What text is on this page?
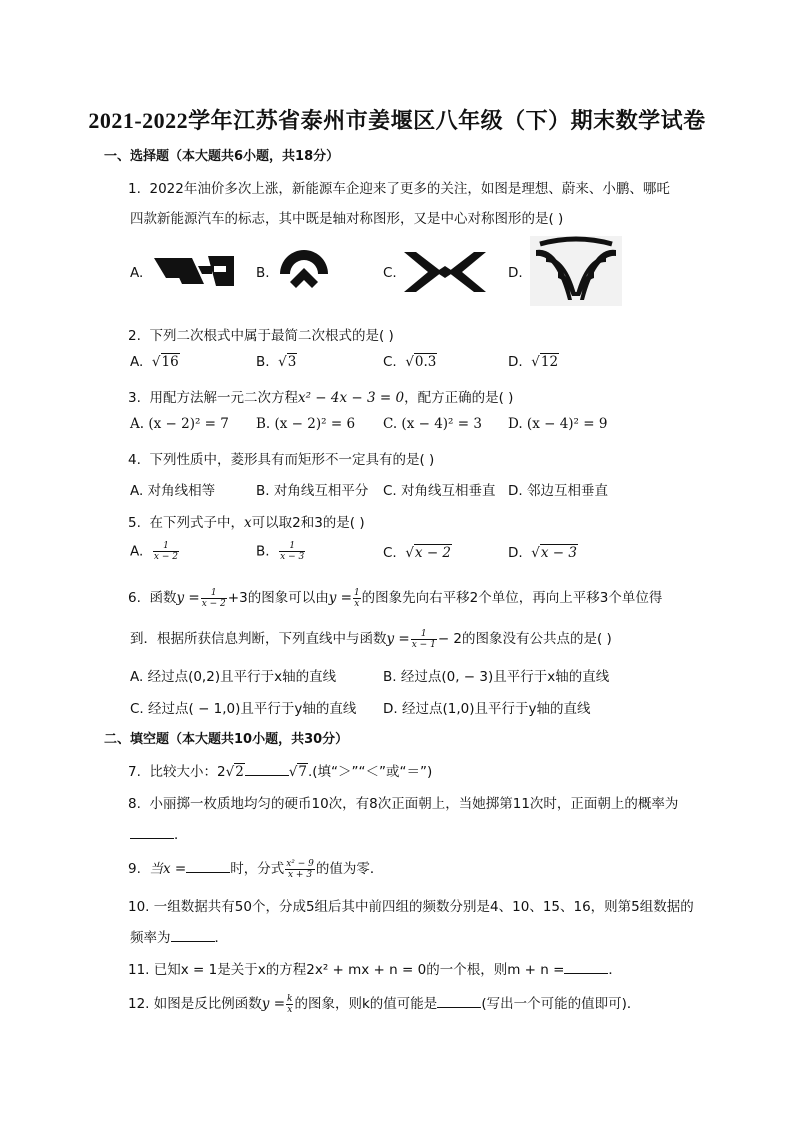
2021-2022学年江苏省泰州市姜堰区八年级（下）期末数学试卷
一、选择题（本大题共6小题，共18分）
1. 2022年油价多次上涨，新能源车企迎来了更多的关注，如图是理想、蔚来、小鹏、哪吒
四款新能源汽车的标志，其中既是轴对称图形，又是中心对称图形的是( )
A.	B.	C.	D.
2. 下列二次根式中属于最简二次根式的是( )
A. √16	B. √3	C. √0.3	D. √12
3. 用配方法解一元二次方程x² − 4x − 3 = 0，配方正确的是( )
A. (x − 2)² = 7 B. (x − 2)² = 6 C. (x − 4)² = 3 D. (x − 4)² = 9
4. 下列性质中，菱形具有而矩形不一定具有的是( )
A. 对角线相等	B. 对角线互相平分 C. 对角线互相垂直 D. 邻边互相垂直
5. 在下列式子中，x可以取2和3的是( )
A. $\frac{1}{x - 2}$	B. $\frac{1}{x - 3}$	C. √x − 2	D. √x − 3
6. 函数$y = \frac{1}{x - 2} +3$的图象可以由$y = \frac{1}{x}$ 的图象先向右平移2个单位，再向上平移3个单位得
到．根据所获信息判断，下列直线中与函数$y = \frac{1}{x - 1} - 2$的图象没有公共点的是( )
A. 经过点(0,2)且平行于x轴的直线	B. 经过点(0, − 3)且平行于x轴的直线
C. 经过点( − 1,0)且平行于y轴的直线 D. 经过点(1,0)且平行于y轴的直线
二、填空题（本大题共10小题，共30分）
7. 比较大小：2√2	√7.(填“＞”“＜”或“＝”)
8. 小丽掷一枚质地均匀的硬币10次，有8次正面朝上，当她掷第11次时，正面朝上的概率为
．
9. 当x =	时，分式 $\frac{\text{x² − 9}}{x + 3}$ 的值为零．
10. 一组数据共有50个，分成5组后其中前四组的频数分别是4、10、15、16，则第5组数据的
频率为	．
11. 已知x = 1是关于x的方程2x² + mx + n = 0的一个根，则m + n =	．
12. 如图是反比例函数$y = \frac{k}{x}$ 的图象，则k的值可能是	(写出一个可能的值即可)．
